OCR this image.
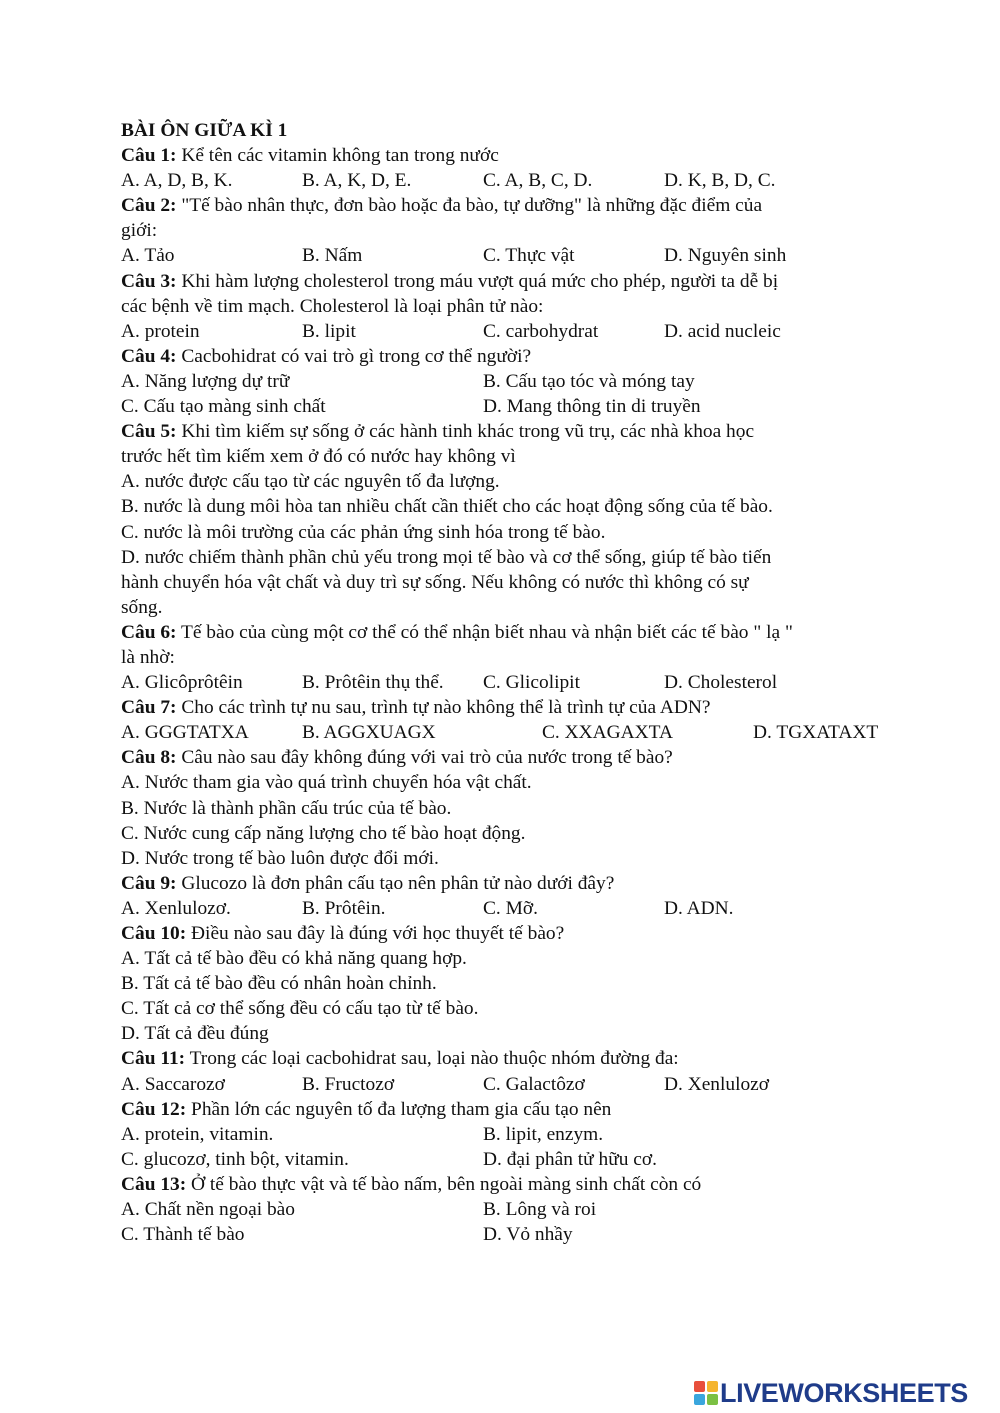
BÀI ÔN GIỮA KÌ 1
Câu 1: Kể tên các vitamin không tan trong nước
A. A, D, B, K.	B. A, K, D, E.	C. A, B, C, D.	D. K, B, D, C.
Câu 2: "Tế bào nhân thực, đơn bào hoặc đa bào, tự dưỡng" là những đặc điểm của
giới:
A. Tảo	B. Nấm	C. Thực vật	D. Nguyên sinh
Câu 3: Khi hàm lượng cholesterol trong máu vượt quá mức cho phép, người ta dễ bị
các bệnh về tim mạch. Cholesterol là loại phân tử nào:
A. protein	B. lipit	C. carbohydrat	D. acid nucleic
Câu 4: Cacbohidrat có vai trò gì trong cơ thể người?
A. Năng lượng dự trữ	B. Cấu tạo tóc và móng tay
C. Cấu tạo màng sinh chất	D. Mang thông tin di truyền
Câu 5: Khi tìm kiếm sự sống ở các hành tinh khác trong vũ trụ, các nhà khoa học
trước hết tìm kiếm xem ở đó có nước hay không vì
A. nước được cấu tạo từ các nguyên tố đa lượng.
B. nước là dung môi hòa tan nhiều chất cần thiết cho các hoạt động sống của tế bào.
C. nước là môi trường của các phản ứng sinh hóa trong tế bào.
D. nước chiếm thành phần chủ yếu trong mọi tế bào và cơ thể sống, giúp tế bào tiến
hành chuyển hóa vật chất và duy trì sự sống. Nếu không có nước thì không có sự
sống.
Câu 6: Tế bào của cùng một cơ thể có thể nhận biết nhau và nhận biết các tế bào " lạ "
là nhờ:
A. Glicôprôtêin	B. Prôtêin thụ thể. C. Glicolipit	D. Cholesterol
Câu 7: Cho các trình tự nu sau, trình tự nào không thể là trình tự của ADN?
A. GGGTATXA	B. AGGXUAGX	C. XXAGAXTA	D. TGXATAXT
Câu 8: Câu nào sau đây không đúng với vai trò của nước trong tế bào?
A. Nước tham gia vào quá trình chuyển hóa vật chất.
B. Nước là thành phần cấu trúc của tế bào.
C. Nước cung cấp năng lượng cho tế bào hoạt động.
D. Nước trong tế bào luôn được đổi mới.
Câu 9: Glucozo là đơn phân cấu tạo nên phân tử nào dưới đây?
A. Xenlulozơ.	B. Prôtêin.	C. Mỡ.	D. ADN.
Câu 10: Điều nào sau đây là đúng với học thuyết tế bào?
A. Tất cả tế bào đều có khả năng quang hợp.
B. Tất cả tế bào đều có nhân hoàn chỉnh.
C. Tất cả cơ thể sống đều có cấu tạo từ tế bào.
D. Tất cả đều đúng
Câu 11: Trong các loại cacbohidrat sau, loại nào thuộc nhóm đường đa:
A. Saccarozơ	B. Fructozơ	C. Galactôzơ	D. Xenlulozơ
Câu 12: Phần lớn các nguyên tố đa lượng tham gia cấu tạo nên
A. protein, vitamin.	B. lipit, enzym.
C. glucozơ, tinh bột, vitamin.	D. đại phân tử hữu cơ.
Câu 13: Ở tế bào thực vật và tế bào nấm, bên ngoài màng sinh chất còn có
A. Chất nền ngoại bào	B. Lông và roi
C. Thành tế bào	D. Vỏ nhầy
LIVEWORKSHEETS
